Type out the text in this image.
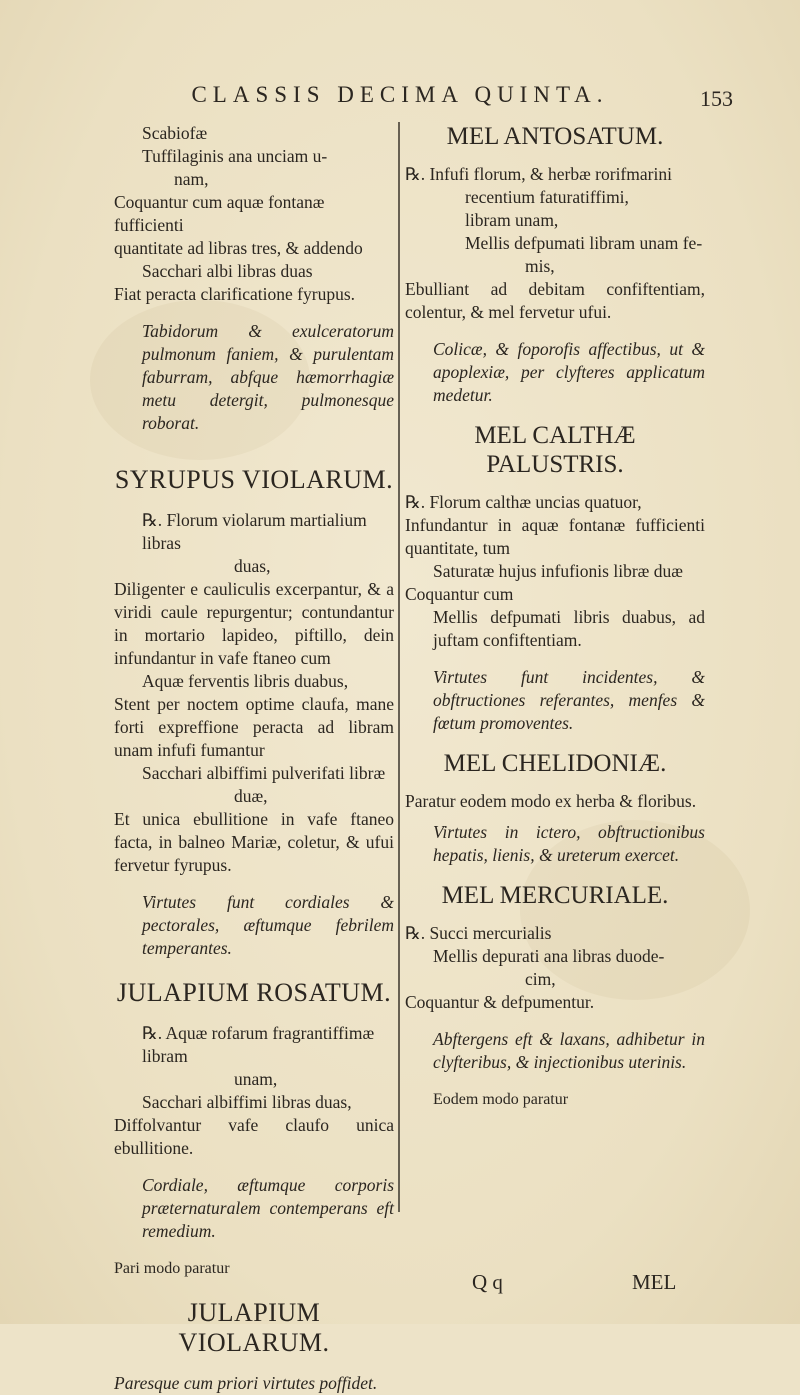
CLASSIS DECIMA QUINTA.	153

Scabiofæ

Tuffilaginis ana unciam u-

nam,

Coquantur cum aquæ fontanæ fufficienti

quantitate ad libras tres, & addendo

Sacchari albi libras duas

Fiat peracta clarificatione fyrupus.

Tabidorum & exulceratorum pulmonum faniem, & purulentam faburram, abfque hæmorrhagiæ metu detergit, pulmonesque roborat.

SYRUPUS VIOLARUM.

℞. Florum violarum martialium libras

duas,

Diligenter e cauliculis excerpantur, & a viridi caule repurgentur; contundantur in mortario lapideo, piftillo, dein infundantur in vafe ftaneo cum

Aquæ ferventis libris duabus,

Stent per noctem optime claufa, mane forti expreffione peracta ad libram unam infufi fumantur

Sacchari albiffimi pulverifati libræ

duæ,

Et unica ebullitione in vafe ftaneo facta, in balneo Mariæ, coletur, & ufui fervetur fyrupus.

Virtutes funt cordiales & pectorales, æftumque febrilem temperantes.

JULAPIUM ROSATUM.

℞. Aquæ rofarum fragrantiffimæ libram

unam,

Sacchari albiffimi libras duas,

Diffolvantur vafe claufo unica ebullitione.

Cordiale, æftumque corporis præternaturalem contemperans eft remedium.

Pari modo paratur

JULAPIUM VIOLARUM.

Paresque cum priori virtutes poffidet.

MEL ANTOSATUM.

℞. Infufi florum, & herbæ rorifmarini

recentium faturatiffimi,

libram unam,

Mellis defpumati libram unam fe-

mis,

Ebulliant ad debitam confiftentiam, colentur, & mel fervetur ufui.

Colicæ, & foporofis affectibus, ut & apoplexiæ, per clyfteres applicatum medetur.

MEL CALTHÆ PALUSTRIS.

℞. Florum calthæ uncias quatuor,

Infundantur in aquæ fontanæ fufficienti quantitate, tum

Saturatæ hujus infufionis libræ duæ

Coquantur cum

Mellis defpumati libris duabus, ad juftam confiftentiam.

Virtutes funt incidentes, & obftructiones referantes, menfes & fœtum promoventes.

MEL CHELIDONIÆ.

Paratur eodem modo ex herba & floribus.

Virtutes in ictero, obftructionibus hepatis, lienis, & ureterum exercet.

MEL MERCURIALE.

℞. Succi mercurialis

Mellis depurati ana libras duode-

cim,

Coquantur & defpumentur.

Abftergens eft & laxans, adhibetur in clyfteribus, & injectionibus uterinis.

Eodem modo paratur

Q q	MEL
